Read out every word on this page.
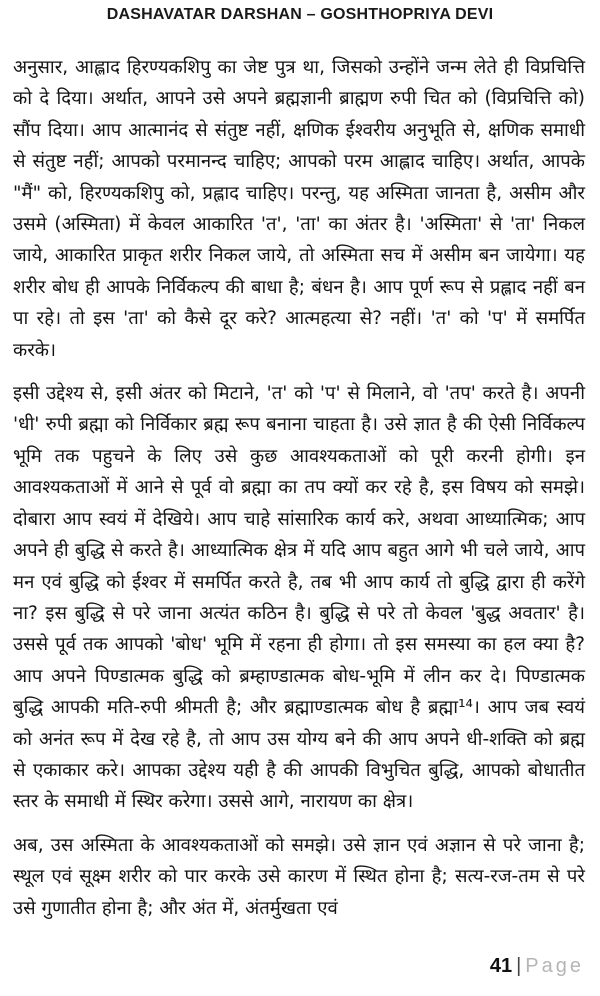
DASHAVATAR DARSHAN – GOSHTHOPRIYA DEVI

अनुसार, आह्लाद हिरण्यकशिपु का जेष्ट पुत्र था, जिसको उन्होंने जन्म लेते ही विप्रचित्ति को दे दिया। अर्थात, आपने उसे अपने ब्रह्मज्ञानी ब्राह्मण रुपी चित को (विप्रचित्ति को) सौंप दिया। आप आत्मानंद से संतुष्ट नहीं, क्षणिक ईश्वरीय अनुभूति से, क्षणिक समाधी से संतुष्ट नहीं; आपको परमानन्द चाहिए; आपको परम आह्लाद चाहिए। अर्थात, आपके "मैं" को, हिरण्यकशिपु को, प्रह्लाद चाहिए। परन्तु, यह अस्मिता जानता है, असीम और उसमे (अस्मिता) में केवल आकारित 'त', 'ता' का अंतर है। 'अस्मिता' से 'ता' निकल जाये, आकारित प्राकृत शरीर निकल जाये, तो अस्मिता सच में असीम बन जायेगा। यह शरीर बोध ही आपके निर्विकल्प की बाधा है; बंधन है। आप पूर्ण रूप से प्रह्लाद नहीं बन पा रहे। तो इस 'ता' को कैसे दूर करे? आत्महत्या से? नहीं। 'त' को 'प' में समर्पित करके।

इसी उद्देश्य से, इसी अंतर को मिटाने, 'त' को 'प' से मिलाने, वो 'तप' करते है। अपनी 'धी' रुपी ब्रह्मा को निर्विकार ब्रह्म रूप बनाना चाहता है। उसे ज्ञात है की ऐसी निर्विकल्प भूमि तक पहुचने के लिए उसे कुछ आवश्यकताओं को पूरी करनी होगी। इन आवश्यकताओं में आने से पूर्व वो ब्रह्मा का तप क्यों कर रहे है, इस विषय को समझे। दोबारा आप स्वयं में देखिये। आप चाहे सांसारिक कार्य करे, अथवा आध्यात्मिक; आप अपने ही बुद्धि से करते है। आध्यात्मिक क्षेत्र में यदि आप बहुत आगे भी चले जाये, आप मन एवं बुद्धि को ईश्वर में समर्पित करते है, तब भी आप कार्य तो बुद्धि द्वारा ही करेंगे ना? इस बुद्धि से परे जाना अत्यंत कठिन है। बुद्धि से परे तो केवल 'बुद्ध अवतार' है। उससे पूर्व तक आपको 'बोध' भूमि में रहना ही होगा। तो इस समस्या का हल क्या है? आप अपने पिण्डात्मक बुद्धि को ब्रम्हाण्डात्मक बोध-भूमि में लीन कर दे। पिण्डात्मक बुद्धि आपकी मति-रुपी श्रीमती है; और ब्रह्माण्डात्मक बोध है ब्रह्मा¹⁴। आप जब स्वयं को अनंत रूप में देख रहे है, तो आप उस योग्य बने की आप अपने धी-शक्ति को ब्रह्म से एकाकार करे। आपका उद्देश्य यही है की आपकी विभुचित बुद्धि, आपको बोधातीत स्तर के समाधी में स्थिर करेगा। उससे आगे, नारायण का क्षेत्र।

अब, उस अस्मिता के आवश्यकताओं को समझे। उसे ज्ञान एवं अज्ञान से परे जाना है; स्थूल एवं सूक्ष्म शरीर को पार करके उसे कारण में स्थित होना है; सत्य-रज-तम से परे उसे गुणातीत होना है; और अंत में, अंतर्मुखता एवं

41 | Page
